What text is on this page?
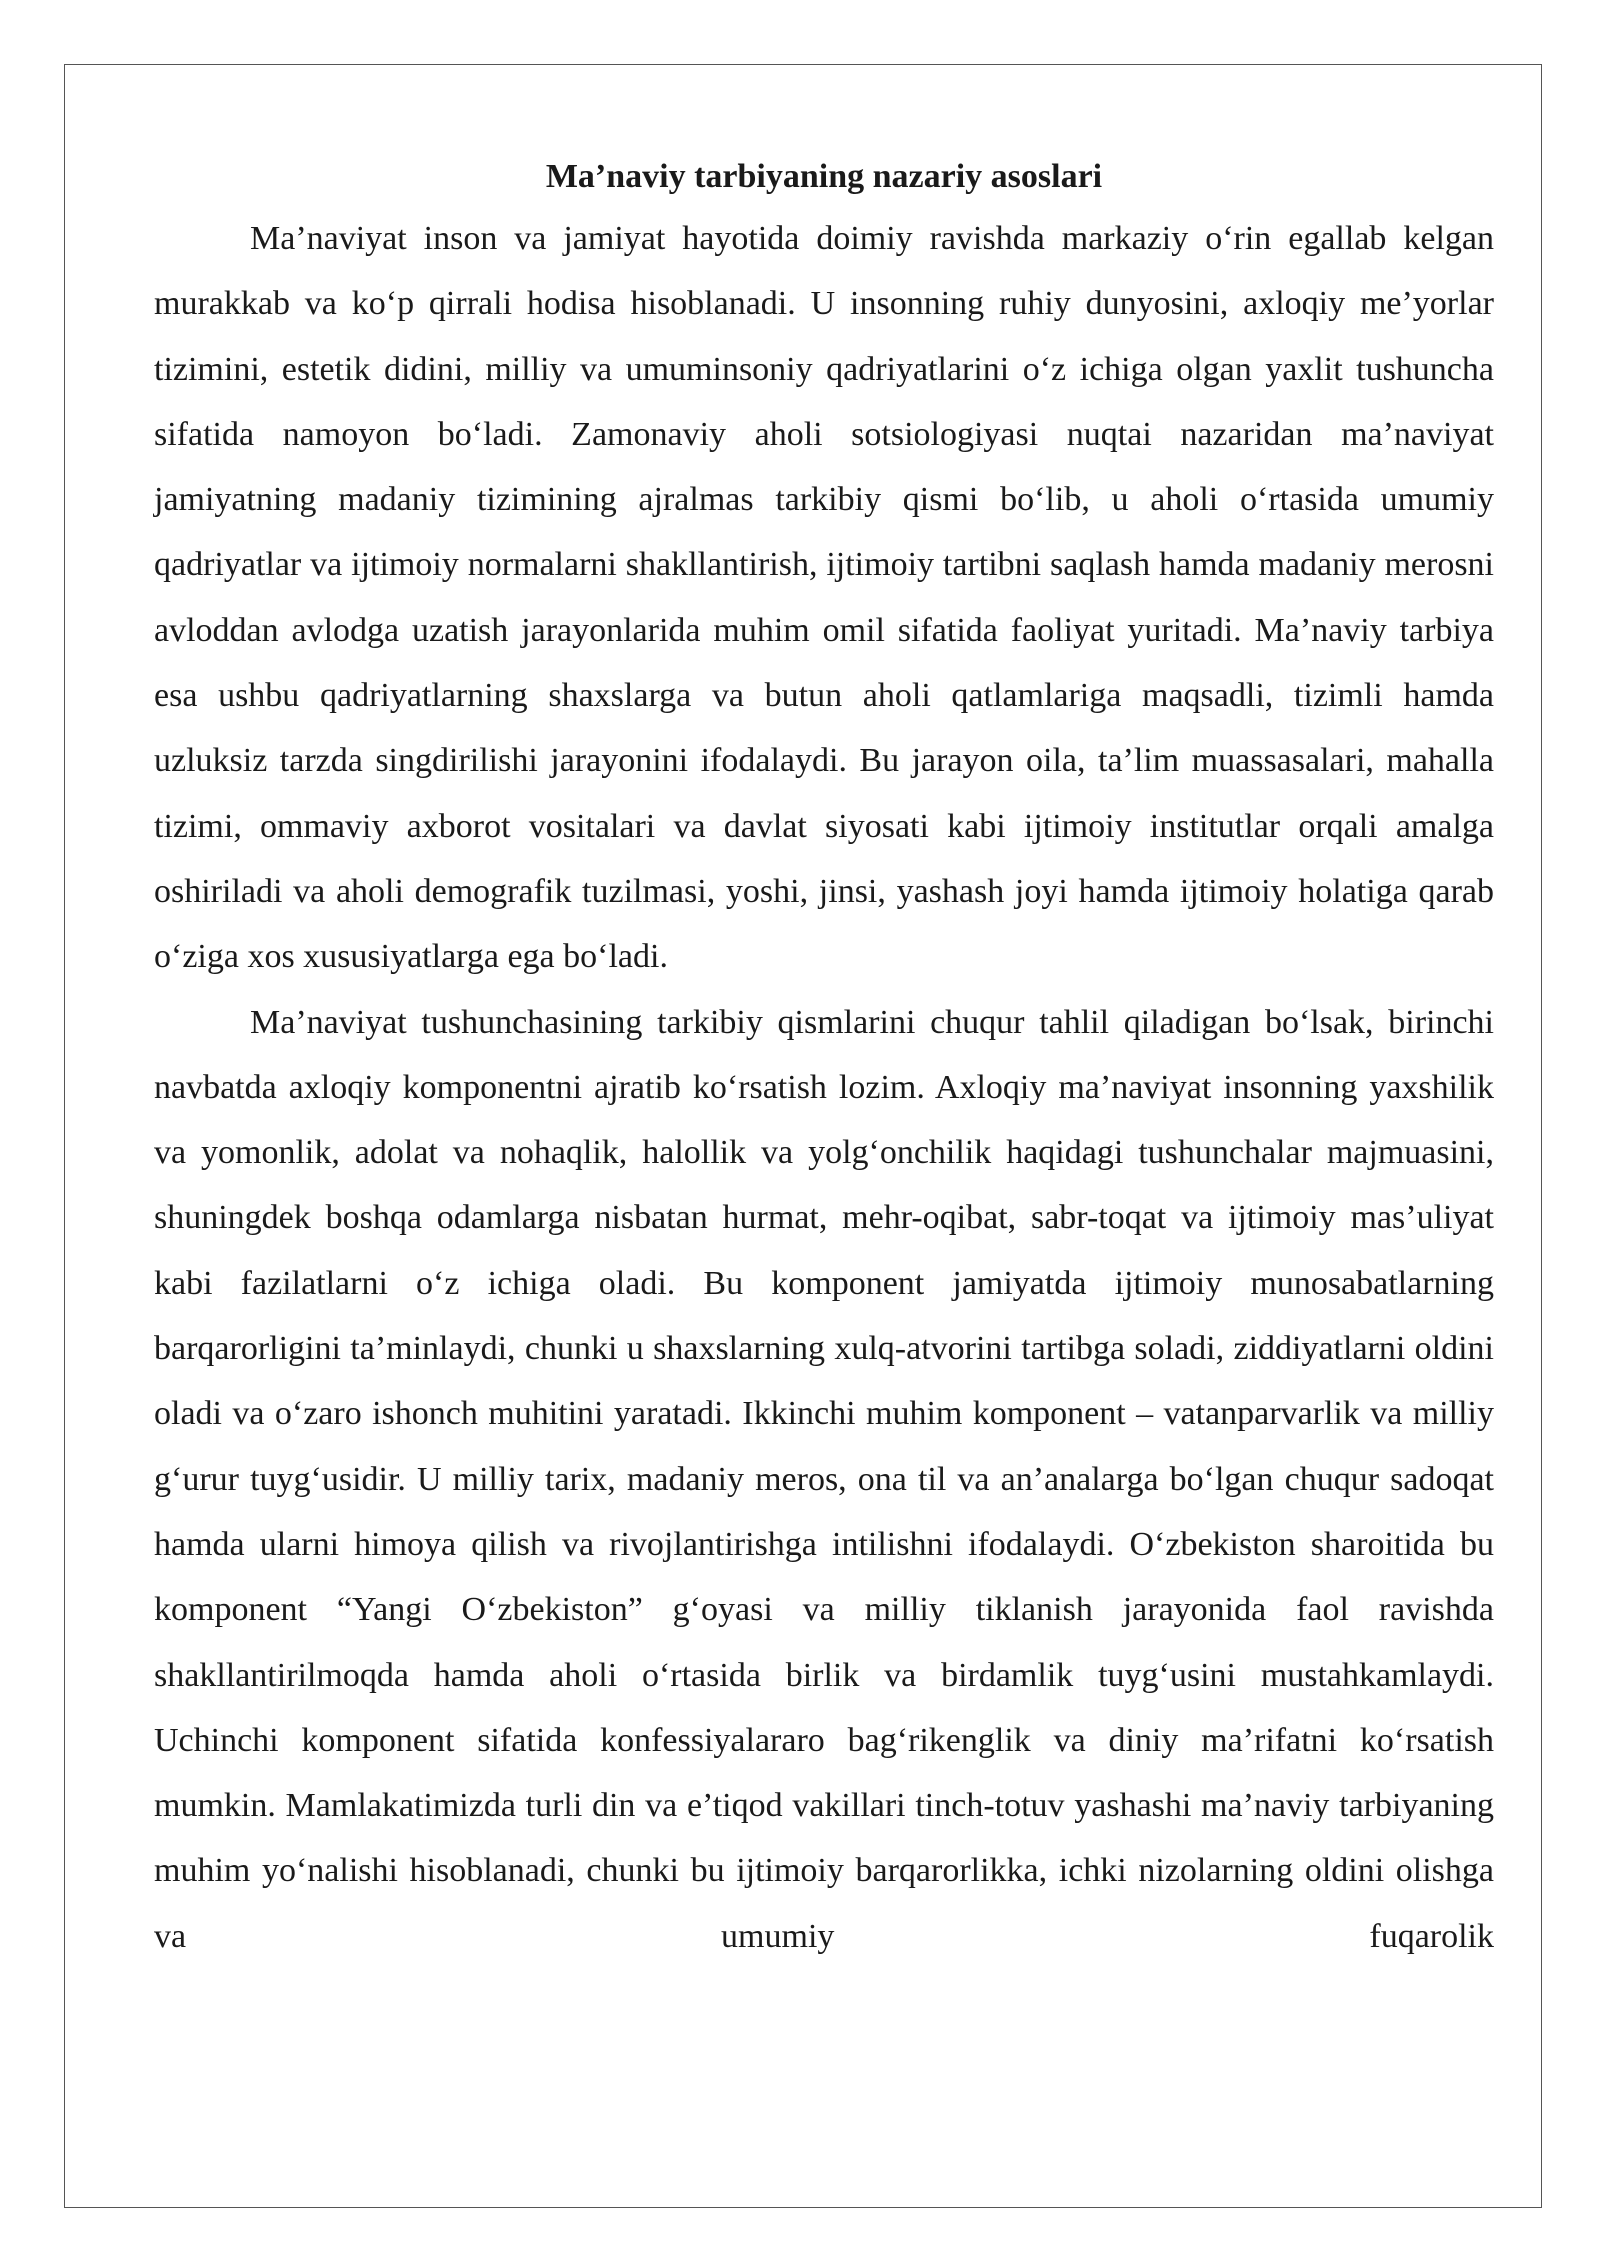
Ma’naviy tarbiyaning nazariy asoslari

Ma’naviyat inson va jamiyat hayotida doimiy ravishda markaziy o‘rin egallab kelgan murakkab va ko‘p qirrali hodisa hisoblanadi. U insonning ruhiy dunyosini, axloqiy me’yorlar tizimini, estetik didini, milliy va umuminsoniy qadriyatlarini o‘z ichiga olgan yaxlit tushuncha sifatida namoyon bo‘ladi. Zamonaviy aholi sotsiologiyasi nuqtai nazaridan ma’naviyat jamiyatning madaniy tizimining ajralmas tarkibiy qismi bo‘lib, u aholi o‘rtasida umumiy qadriyatlar va ijtimoiy normalarni shakllantirish, ijtimoiy tartibni saqlash hamda madaniy merosni avloddan avlodga uzatish jarayonlarida muhim omil sifatida faoliyat yuritadi. Ma’naviy tarbiya esa ushbu qadriyatlarning shaxslarga va butun aholi qatlamlariga maqsadli, tizimli hamda uzluksiz tarzda singdirilishi jarayonini ifodalaydi. Bu jarayon oila, ta’lim muassasalari, mahalla tizimi, ommaviy axborot vositalari va davlat siyosati kabi ijtimoiy institutlar orqali amalga oshiriladi va aholi demografik tuzilmasi, yoshi, jinsi, yashash joyi hamda ijtimoiy holatiga qarab o‘ziga xos xususiyatlarga ega bo‘ladi.

Ma’naviyat tushunchasining tarkibiy qismlarini chuqur tahlil qiladigan bo‘lsak, birinchi navbatda axloqiy komponentni ajratib ko‘rsatish lozim. Axloqiy ma’naviyat insonning yaxshilik va yomonlik, adolat va nohaqlik, halollik va yolg‘onchilik haqidagi tushunchalar majmuasini, shuningdek boshqa odamlarga nisbatan hurmat, mehr-oqibat, sabr-toqat va ijtimoiy mas’uliyat kabi fazilatlarni o‘z ichiga oladi. Bu komponent jamiyatda ijtimoiy munosabatlarning barqarorligini ta’minlaydi, chunki u shaxslarning xulq-atvorini tartibga soladi, ziddiyatlarni oldini oladi va o‘zaro ishonch muhitini yaratadi. Ikkinchi muhim komponent – vatanparvarlik va milliy g‘urur tuyg‘usidir. U milliy tarix, madaniy meros, ona til va an’analarga bo‘lgan chuqur sadoqat hamda ularni himoya qilish va rivojlantirishga intilishni ifodalaydi. O‘zbekiston sharoitida bu komponent “Yangi O‘zbekiston” g‘oyasi va milliy tiklanish jarayonida faol ravishda shakllantirilmoqda hamda aholi o‘rtasida birlik va birdamlik tuyg‘usini mustahkamlaydi. Uchinchi komponent sifatida konfessiyalararo bag‘rikenglik va diniy ma’rifatni ko‘rsatish mumkin. Mamlakatimizda turli din va e’tiqod vakillari tinch-totuv yashashi ma’naviy tarbiyaning muhim yo‘nalishi hisoblanadi, chunki bu ijtimoiy barqarorlikka, ichki nizolarning oldini olishga va umumiy fuqarolik
